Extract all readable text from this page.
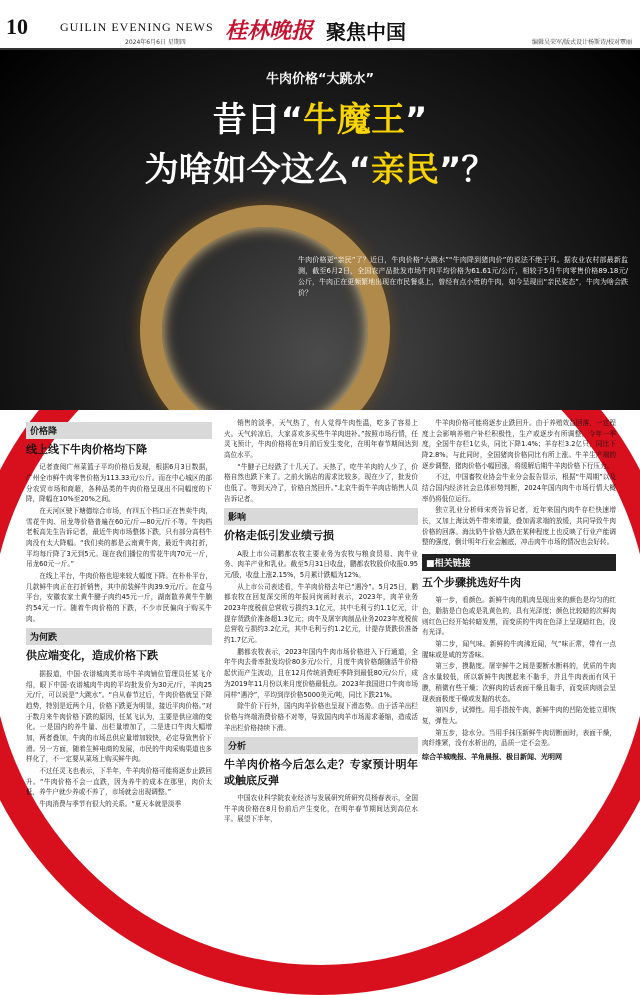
10	GUILIN EVENING NEWS
2024年6月6日 星期四 桂林晚报 聚焦中国	编辑吴荣军/版式设计杨斯诗/校对覃丽
牛肉价格“大跳水”
昔日“牛魔王”
为啥如今这么“亲民”？
牛肉价格更“亲民”了？近日，牛肉价格“大跳水”“牛肉降到猪肉价”的说法不绝于耳。据农业农村部最新监测，截至6月2日，全国农产品批发市场牛肉平均价格为61.61元/公斤，相较于5月牛肉零售价格89.18元/公斤，牛肉正在更频繁地出现在市民餐桌上，曾经有点小贵的牛肉，如今呈现出“亲民姿态”，牛肉为啥会跌价？
价格降
线上线下牛肉价格均下降

记者查阅广州菜篮子平均价格后发现，根据6月3日数据，广州全市鲜牛肉零售价格为113.33元/公斤。而在中心城区的部分农贸市场和商超，各种品类的牛肉价格呈现出不同幅度的下降，降幅在10%至20%之间。

在天河区驶下塘德综合市场，有四五个档口正在售卖牛肉，雪花牛肉、吊龙等价格普遍在60元/斤—80元/斤不等。牛肉档老板高先生告诉记者，最近牛肉市场整体下跌，只有部分高档牛肉没有太大降幅。“我们卖的都是云南黄牛肉，最近牛肉打折，平均每斤降了3元到5元。现在我们播位的雪花牛肉70元一斤，吊龙60元一斤。”

在线上平台，牛肉价格也迎来较大幅度下降。在朴朴平台，几款鲜牛肉正在打折销售，其中前装鲜牛肉39.9元/斤。在盒马平台，安徽农家土黄牛腱子肉约45元一斤，湖南散养黄牛牛腩约54元一斤。随着牛肉价格的下跌，不少市民偏向于购买牛肉。

为何跌
供应端变化，造成价格下跌

据报道，中国·农谱城肉类市场牛羊肉铺位管理员任某飞介绍，眼下中国·农谱城肉牛肉的平均批发价为30元/斤，羊肉25元/斤，可以说是“大跳水”。“自从春节过后，牛肉价格就呈下降趋势，特别是近两个月，价格下跌更为明显，接近平肉价格。”对于数月来牛肉价格下跌的原因，任某飞认为，主要是供应端的变化。一是国内的养牛量、出栏量增加了，二是进口牛肉大幅增加，两者叠加，牛肉的市场总供应量增加较快，必定导致售价下滑。另一方面，随着生鲜电商的发展，市民的牛肉采购渠道也多样化了，不一定要从菜场上购买鲜牛肉。

不过任灵飞也表示，下半年，牛羊肉价格可能将逐步止跌回升。“牛肉价格不会一直跌，因为养牛的成本在那里，肉价太低，养牛户就少养或不养了，市场就会出现调整。”

牛肉消费与季节有很大的关系。“夏天本就是淡季

销售的淡季，天气热了，有人觉得牛肉性温，吃多了容易上火。天气转凉后，大家喜欢多买些牛羊肉进补。”按照市场行情，任灵飞预计，牛肉价格将在9月前后发生变化，在明年春节期间达到高位水平。

“牛腱子已经跌了十几天了。天热了，吃牛羊肉的人少了，价格自然也跌下来了。之前火锅店的需求比较多，现在少了，批发价也低了。等到天冷了，价格自然回升。”北京牛街牛羊肉店销售人员告诉记者。

影响
价格走低引发业绩亏损

A股上市公司鹏都农牧主要业务为农牧与粮食贸易、肉牛业务、肉羊产业和乳业。截至5月31日收盘，鹏都农牧股价收报0.95元/股，收盘上涨2.15%，5月累计跌幅为12%。

从上市公司表述看，牛羊肉价格去年已“遇冷”。5月25日，鹏都农牧在回复深交所的年报问询函时表示，2023年，肉羊业务2023年度税前总营收亏损约3.1亿元，其中毛利亏约1.1亿元，计提存货跌价准备超1.3亿元；肉牛及屠宰肉制品业务2023年度税前总营收亏损约3.2亿元，其中毛利亏约1.2亿元，计提存货跌价准备约1.7亿元。

鹏都农牧表示，2023年国内牛肉市场价格进入下行通道，全年牛肉去骨率批发均价80多元/公斤，月度牛肉价格颠随活牛价格起伏而产生波动，且在12月传统消费旺季降到最低80元/公斤，成为2019年11月份以来月度价格最低点。2023年我国进口牛肉市场同样“遇冷”，平均到岸价格5000美元/吨，同比下跌21%。

除牛价下行外，国内肉羊价格也呈现下滑态势。由于活羊出栏价格与终端消费价格不对等，导致国内肉羊市场需求萎缩，造成活羊出栏价格持续下滑。

分析
牛羊肉价格今后怎么走？专家预计明年或触底反弹

中国农业科学院农业经济与发展研究所研究员杨春表示，全国牛羊肉价格在8月份前后产生变化，在明年春节期间达到高位水平。展望下半年，

牛羊肉价格可能将逐步止跌回升。由于养殖效益回落，一定程度上会影响养殖户补栏积极性，生产或逐步有所调整。今年一季度，全国牛存栏1亿头，同比下降1.4%；羊存栏3.2亿只，同比下降2.8%。与此同时，全国猪肉价格同比有所上涨。牛羊生产端的逐步调整，猪肉价格小幅回涨，将缓解后期牛羊肉价格下行压力。

不过，中国畜牧业协会牛业分会报告显示，根据“牛周期”以及结合国内经济社会总体形势判断，2024年国内肉牛市场行情大概率仍将低位运行。

独立乳业分析师宋亮告诉记者，近年来国内肉牛存栏快速增长，又加上海汰奶牛带来增量，叠加需求端的放缓，共同导致牛肉价格的回落。海汰奶牛价格大跌在某种程度上也反映了行业产能调整的强度，倒计明年行业会触底，冲击肉牛市场的情况也会好转。

■相关链接
五个步骤挑选好牛肉

第一步，看颜色。新鲜牛肉的肌肉呈现出来的颜色是均匀的红色，脂肪是白色或是乳黄色的，具有光泽度；颜色比较暗的次鲜肉则红色已经开始转暗发黑，而变质的牛肉在色泽上呈现暗红色，没有光泽。

第二步，闻气味。新鲜的牛肉沸近闻，气“味正常，带有一点腥味或是咸的芳香味。

第三步，摸黏度。屠宰鲜牛之间是要断水断料的，优质的牛肉含水量较低，所以新鲜牛肉摸起来不黏手，并且牛肉表面有风干膜，稍微有些干燥；次鲜肉的话表面干燥且黏手，而变质肉则会呈现表面极度干燥或发黏的状态。

第四步，试弹性。用手指按牛肉，新鲜牛肉的凹陷处能立即恢复，弹性大。

第五步，捻水分。当用手抹压新鲜牛肉切断面时，表面干燥，肉纤维紧，没有水析出的，品质一定不会差。

综合羊城晚报、羊角晨报、极目新闻、光明网
